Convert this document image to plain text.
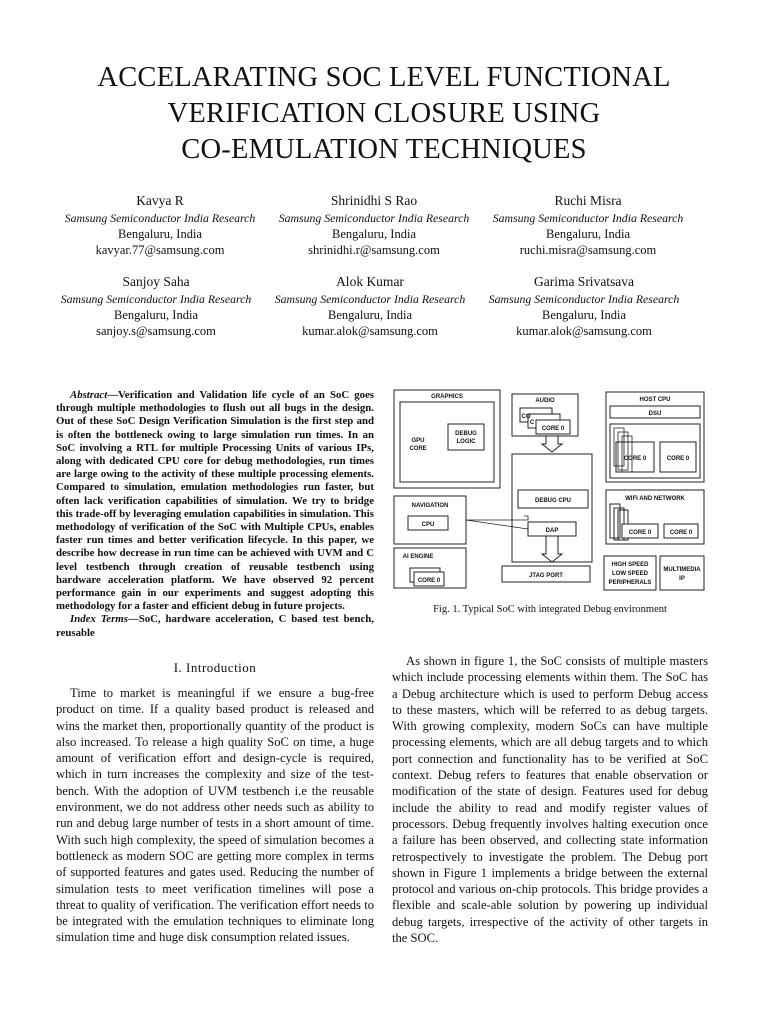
ACCELARATING SOC LEVEL FUNCTIONAL
VERIFICATION CLOSURE USING
CO-EMULATION TECHNIQUES
Kavya R
Samsung Semiconductor India Research
Bengaluru, India
kavyar.77@samsung.com
Shrinidhi S Rao
Samsung Semiconductor India Research
Bengaluru, India
shrinidhi.r@samsung.com
Ruchi Misra
Samsung Semiconductor India Research
Bengaluru, India
ruchi.misra@samsung.com
Sanjoy Saha
Samsung Semiconductor India Research
Bengaluru, India
sanjoy.s@samsung.com
Alok Kumar
Samsung Semiconductor India Research
Bengaluru, India
kumar.alok@samsung.com
Garima Srivatsava
Samsung Semiconductor India Research
Bengaluru, India
kumar.alok@samsung.com

Abstract—Verification and Validation life cycle of an SoC goes through multiple methodologies to flush out all bugs in the design. Out of these SoC Design Verification Simulation is the first step and is often the bottleneck owing to large simulation run times. In an SoC involving a RTL for multiple Processing Units of various IPs, along with dedicated CPU core for debug methodologies, run times are large owing to the activity of these multiple processing elements. Compared to simulation, emulation methodologies run faster, but often lack verification capabilities of simulation. We try to bridge this trade-off by leveraging emulation capabilities in simulation. This methodology of verification of the SoC with Multiple CPUs, enables faster run times and better verification lifecycle. In this paper, we describe how decrease in run time can be achieved with UVM and C level testbench through creation of reusable testbench using hardware acceleration platform. We have observed 92 percent performance gain in our experiments and suggest adopting this methodology for a faster and efficient debug in future projects.

Index Terms—SoC, hardware acceleration, C based test bench, reusable

I. Introduction

Time to market is meaningful if we ensure a bug-free product on time. If a quality based product is released and wins the market then, proportionally quantity of the product is also increased. To release a high quality SoC on time, a huge amount of verification effort and design-cycle is required, which in turn increases the complexity and size of the test-bench. With the adoption of UVM testbench i.e the reusable environment, we do not address other needs such as ability to run and debug large number of tests in a short amount of time. With such high complexity, the speed of simulation becomes a bottleneck as modern SOC are getting more complex in terms of supported features and gates used. Reducing the number of simulation tests to meet verification timelines will pose a threat to quality of verification. The verification effort needs to be integrated with the emulation techniques to eliminate long simulation time and huge disk consumption related issues.

GRAPHICS
GPU
CORE
DEBUG
LOGIC
AUDIO
CO
C
CORE 0
HOST CPU
DSU
CORE 0	CORE 0
NAVIGATION
CPU
DEBUG CPU
DAP
WIFI AND NETWORK
CORE 0	CORE 0
AI ENGINE
CORE 0
JTAG PORT
HIGH SPEED
LOW SPEED
PERIPHERALS
MULTIMEDIA
IP
Fig. 1. Typical SoC with integrated Debug environment

As shown in figure 1, the SoC consists of multiple masters which include processing elements within them. The SoC has a Debug architecture which is used to perform Debug access to these masters, which will be referred to as debug targets. With growing complexity, modern SoCs can have multiple processing elements, which are all debug targets and to which port connection and functionality has to be verified at SoC context. Debug refers to features that enable observation or modification of the state of design. Features used for debug include the ability to read and modify register values of processors. Debug frequently involves halting execution once a failure has been observed, and collecting state information retrospectively to investigate the problem. The Debug port shown in Figure 1 implements a bridge between the external protocol and various on-chip protocols. This bridge provides a flexible and scale-able solution by powering up individual debug targets, irrespective of the activity of other targets in the SOC.
